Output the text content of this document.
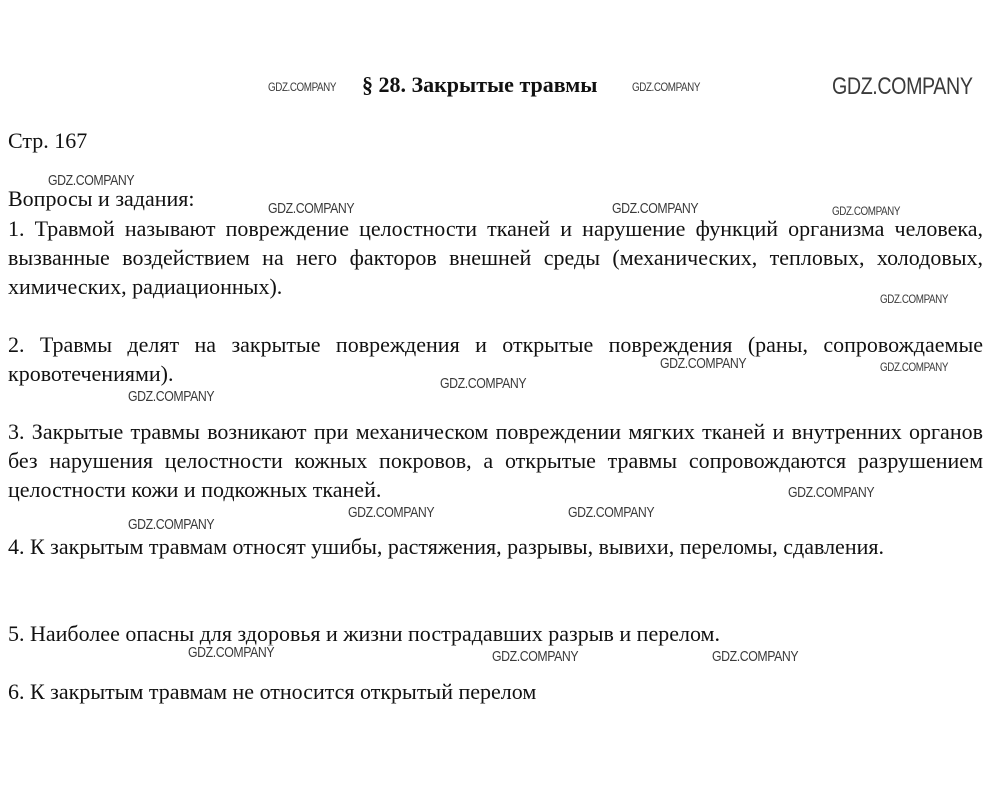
§ 28. Закрытые травмы
Стр. 167
Вопросы и задания:
1. Травмой называют повреждение целостности тканей и нарушение функций организма человека, вызванные воздействием на него факторов внешней среды (механических, тепловых, холодовых, химических, радиационных).
2. Травмы делят на закрытые повреждения и открытые повреждения (раны, сопровождаемые кровотечениями).
3. Закрытые травмы возникают при механическом повреждении мягких тканей и внутренних органов без нарушения целостности кожных покровов, а открытые травмы сопровождаются разрушением целостности кожи и подкожных тканей.
4. К закрытым травмам относят ушибы, растяжения, разрывы, вывихи, переломы, сдавления.
5. Наиболее опасны для здоровья и жизни пострадавших разрыв и перелом.
6. К закрытым травмам не относится открытый перелом
GDZ.COMPANY	GDZ.COMPANY	GDZ.COMPANY
GDZ.COMPANY
GDZ.COMPANY	GDZ.COMPANY	GDZ.COMPANY
GDZ.COMPANY
GDZ.COMPANY	GDZ.COMPANY
GDZ.COMPANY
GDZ.COMPANY
GDZ.COMPANY
GDZ.COMPANY	GDZ.COMPANY
GDZ.COMPANY
GDZ.COMPANY	GDZ.COMPANY	GDZ.COMPANY
